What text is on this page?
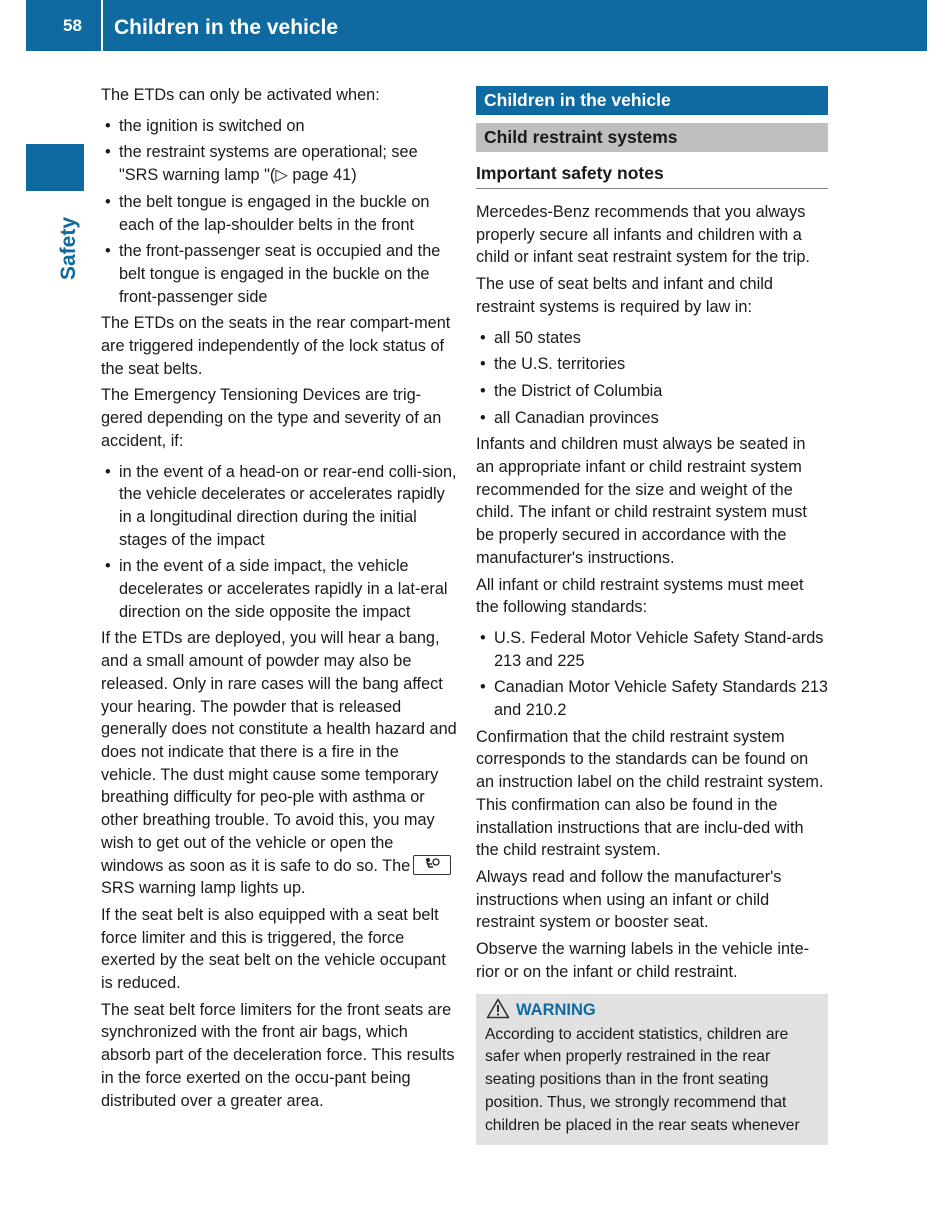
58	Children in the vehicle
Safety

The ETDs can only be activated when:

• the ignition is switched on
• the restraint systems are operational; see "SRS warning lamp "(▷ page 41)
• the belt tongue is engaged in the buckle on each of the lap-shoulder belts in the front
• the front-passenger seat is occupied and the belt tongue is engaged in the buckle on the front-passenger side

The ETDs on the seats in the rear compart-ment are triggered independently of the lock status of the seat belts.

The Emergency Tensioning Devices are trig-gered depending on the type and severity of an accident, if:

• in the event of a head-on or rear-end colli-sion, the vehicle decelerates or accelerates rapidly in a longitudinal direction during the initial stages of the impact
• in the event of a side impact, the vehicle decelerates or accelerates rapidly in a lat-eral direction on the side opposite the impact

If the ETDs are deployed, you will hear a bang, and a small amount of powder may also be released. Only in rare cases will the bang affect your hearing. The powder that is released generally does not constitute a health hazard and does not indicate that there is a fire in the vehicle. The dust might cause some temporary breathing difficulty for peo-ple with asthma or other breathing trouble. To avoid this, you may wish to get out of the vehicle or open the windows as soon as it is safe to do so. The
SRS warning lamp lights up.

If the seat belt is also equipped with a seat belt force limiter and this is triggered, the force exerted by the seat belt on the vehicle occupant is reduced.

The seat belt force limiters for the front seats are synchronized with the front air bags, which absorb part of the deceleration force. This results in the force exerted on the occu-pant being distributed over a greater area.

Children in the vehicle
Child restraint systems
Important safety notes

Mercedes-Benz recommends that you always properly secure all infants and children with a child or infant seat restraint system for the trip.

The use of seat belts and infant and child restraint systems is required by law in:

• all 50 states
• the U.S. territories
• the District of Columbia
• all Canadian provinces

Infants and children must always be seated in an appropriate infant or child restraint system recommended for the size and weight of the child. The infant or child restraint system must be properly secured in accordance with the manufacturer's instructions.

All infant or child restraint systems must meet the following standards:

• U.S. Federal Motor Vehicle Safety Stand-ards 213 and 225
• Canadian Motor Vehicle Safety Standards 213 and 210.2

Confirmation that the child restraint system corresponds to the standards can be found on an instruction label on the child restraint system. This confirmation can also be found in the installation instructions that are inclu-ded with the child restraint system.

Always read and follow the manufacturer's instructions when using an infant or child restraint system or booster seat.

Observe the warning labels in the vehicle inte-rior or on the infant or child restraint.

WARNING
According to accident statistics, children are safer when properly restrained in the rear seating positions than in the front seating position. Thus, we strongly recommend that children be placed in the rear seats whenever
